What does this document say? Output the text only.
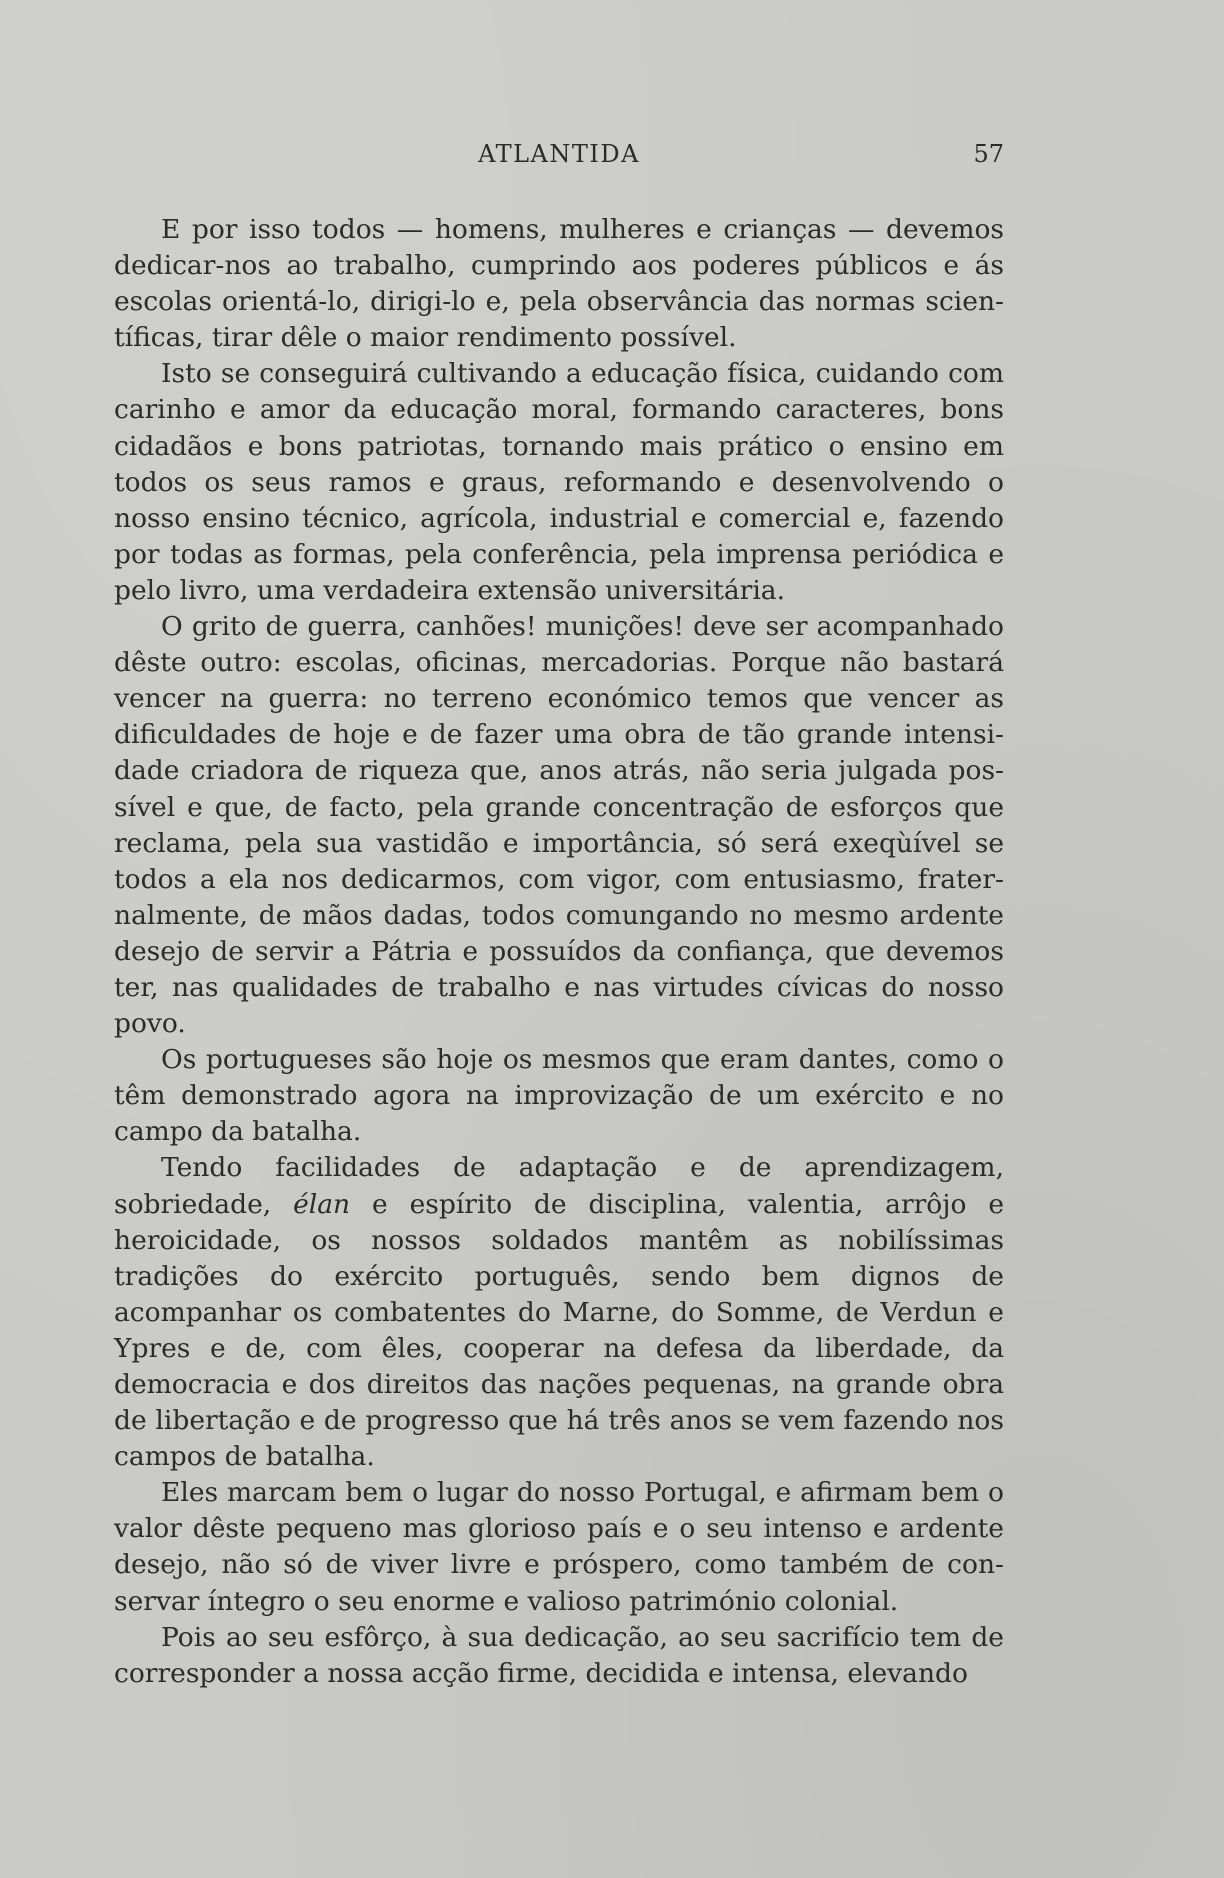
ATLANTIDA	57

E por isso todos — homens, mulheres e crianças — devemos dedicar-nos ao trabalho, cumprindo aos poderes públicos e ás escolas orientá-lo, dirigi-lo e, pela observância das normas scien-tíficas, tirar dêle o maior rendimento possível.

Isto se conseguirá cultivando a educação física, cuidando com carinho e amor da educação moral, formando caracteres, bons cidadãos e bons patriotas, tornando mais prático o ensino em todos os seus ramos e graus, reformando e desenvolvendo o nosso ensino técnico, agrícola, industrial e comercial e, fazendo por todas as formas, pela conferência, pela imprensa periódica e pelo livro, uma verdadeira extensão universitária.

O grito de guerra, canhões! munições! deve ser acompanhado dêste outro: escolas, oficinas, mercadorias. Porque não bastará vencer na guerra: no terreno económico temos que vencer as dificuldades de hoje e de fazer uma obra de tão grande intensi-dade criadora de riqueza que, anos atrás, não seria julgada pos-sível e que, de facto, pela grande concentração de esforços que reclama, pela sua vastidão e importância, só será exeqùível se todos a ela nos dedicarmos, com vigor, com entusiasmo, frater-nalmente, de mãos dadas, todos comungando no mesmo ardente desejo de servir a Pátria e possuídos da confiança, que devemos ter, nas qualidades de trabalho e nas virtudes cívicas do nosso povo.

Os portugueses são hoje os mesmos que eram dantes, como o têm demonstrado agora na improvização de um exército e no campo da batalha.

Tendo facilidades de adaptação e de aprendizagem, sobriedade, élan e espírito de disciplina, valentia, arrôjo e heroicidade, os nossos soldados mantêm as nobilíssimas tradições do exército português, sendo bem dignos de acompanhar os combatentes do Marne, do Somme, de Verdun e Ypres e de, com êles, cooperar na defesa da liberdade, da democracia e dos direitos das nações pequenas, na grande obra de libertação e de progresso que há três anos se vem fazendo nos campos de batalha.

Eles marcam bem o lugar do nosso Portugal, e afirmam bem o valor dêste pequeno mas glorioso país e o seu intenso e ardente desejo, não só de viver livre e próspero, como também de con-servar íntegro o seu enorme e valioso património colonial.

Pois ao seu esfôrço, à sua dedicação, ao seu sacrifício tem de corresponder a nossa acção firme, decidida e intensa, elevando
